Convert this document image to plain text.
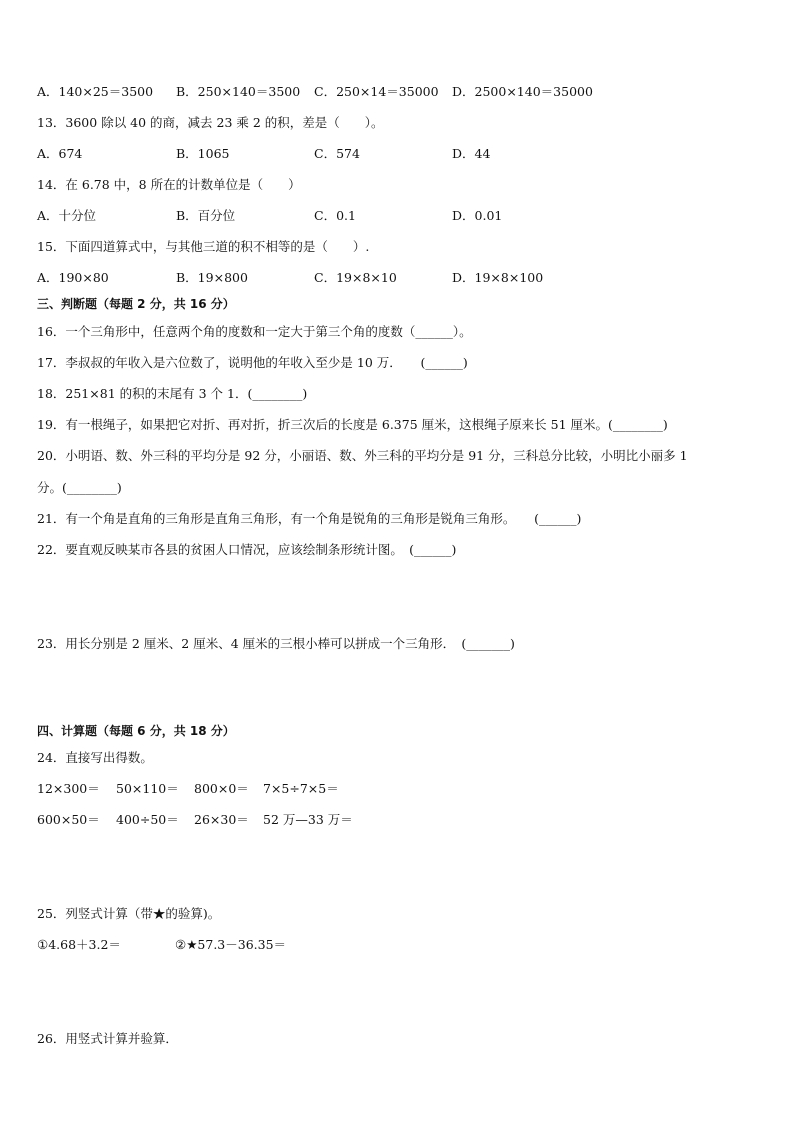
A．140×25＝3500 B．250×140＝3500 C．250×14＝35000 D．2500×140＝35000
13．3600 除以 40 的商，减去 23 乘 2 的积，差是（　　）。
A．674	B．1065	C．574	D．44
14．在 6.78 中，8 所在的计数单位是（　　）
A．十分位	B．百分位	C．0.1	D．0.01
15．下面四道算式中，与其他三道的积不相等的是（　　）.
A．190×80	B．19×800	C．19×8×10	D．19×8×100
三、判断题（每题 2 分，共 16 分）
16．一个三角形中，任意两个角的度数和一定大于第三个角的度数（______）。
17．李叔叔的年收入是六位数了，说明他的年收入至少是 10 万．　　(______)
18．251×81 的积的末尾有 3 个 1．(________)
19．有一根绳子，如果把它对折、再对折，折三次后的长度是 6.375 厘米，这根绳子原来长 51 厘米。(________)
20．小明语、数、外三科的平均分是 92 分，小丽语、数、外三科的平均分是 91 分，三科总分比较，小明比小丽多 1
分。(________)
21．有一个角是直角的三角形是直角三角形，有一个角是锐角的三角形是锐角三角形。　　(______)
22．要直观反映某市各县的贫困人口情况，应该绘制条形统计图。　(______)
23．用长分别是 2 厘米、2 厘米、4 厘米的三根小棒可以拼成一个三角形．　(_______)
四、计算题（每题 6 分，共 18 分）
24．直接写出得数。
12×300＝ 50×110＝ 800×0＝ 7×5÷7×5＝
600×50＝ 400÷50＝ 26×30＝ 52 万—33 万＝
25．列竖式计算（带★的验算)。
①4.68＋3.2＝	②★57.3－36.35＝
26．用竖式计算并验算．
